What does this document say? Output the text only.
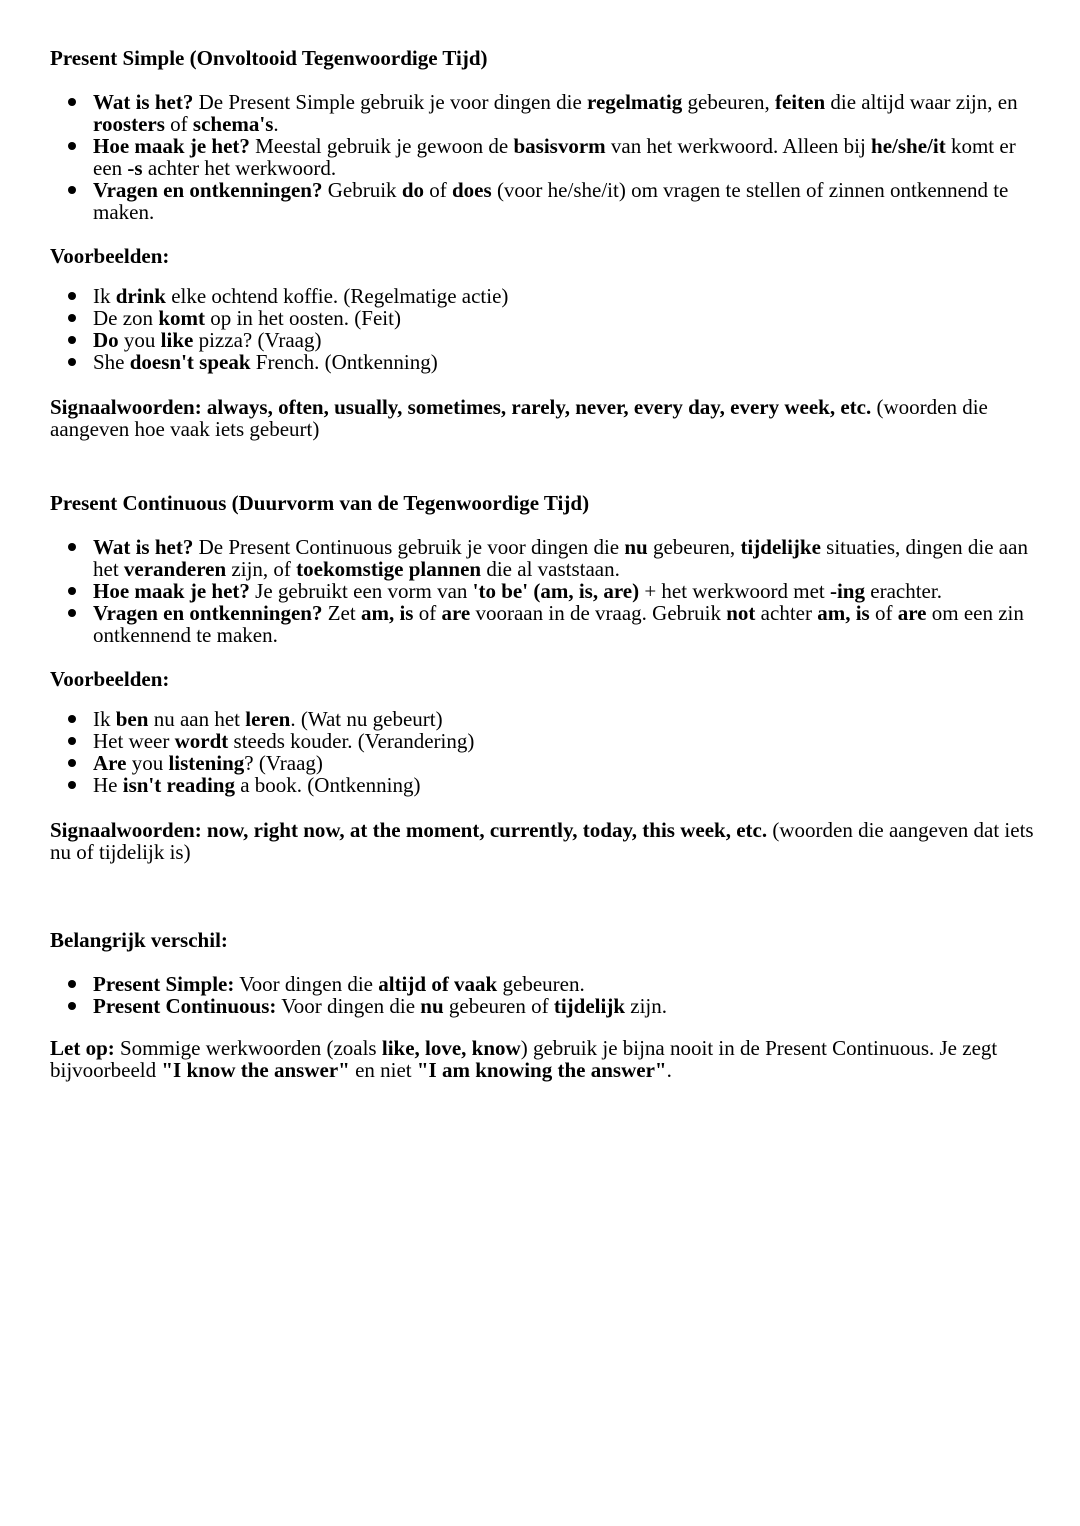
Present Simple (Onvoltooid Tegenwoordige Tijd)
Wat is het? De Present Simple gebruik je voor dingen die regelmatig gebeuren, feiten die altijd waar zijn, en roosters of schema's.
Hoe maak je het? Meestal gebruik je gewoon de basisvorm van het werkwoord. Alleen bij he/she/it komt er een -s achter het werkwoord.
Vragen en ontkenningen? Gebruik do of does (voor he/she/it) om vragen te stellen of zinnen ontkennend te maken.
Voorbeelden:
Ik drink elke ochtend koffie. (Regelmatige actie)
De zon komt op in het oosten. (Feit)
Do you like pizza? (Vraag)
She doesn't speak French. (Ontkenning)
Signaalwoorden: always, often, usually, sometimes, rarely, never, every day, every week, etc. (woorden die aangeven hoe vaak iets gebeurt)
Present Continuous (Duurvorm van de Tegenwoordige Tijd)
Wat is het? De Present Continuous gebruik je voor dingen die nu gebeuren, tijdelijke situaties, dingen die aan het veranderen zijn, of toekomstige plannen die al vaststaan.
Hoe maak je het? Je gebruikt een vorm van 'to be' (am, is, are) + het werkwoord met -ing erachter.
Vragen en ontkenningen? Zet am, is of are vooraan in de vraag. Gebruik not achter am, is of are om een zin ontkennend te maken.
Voorbeelden:
Ik ben nu aan het leren. (Wat nu gebeurt)
Het weer wordt steeds kouder. (Verandering)
Are you listening? (Vraag)
He isn't reading a book. (Ontkenning)
Signaalwoorden: now, right now, at the moment, currently, today, this week, etc. (woorden die aangeven dat iets nu of tijdelijk is)
Belangrijk verschil:
Present Simple: Voor dingen die altijd of vaak gebeuren.
Present Continuous: Voor dingen die nu gebeuren of tijdelijk zijn.
Let op: Sommige werkwoorden (zoals like, love, know) gebruik je bijna nooit in de Present Continuous. Je zegt bijvoorbeeld "I know the answer" en niet "I am knowing the answer".
